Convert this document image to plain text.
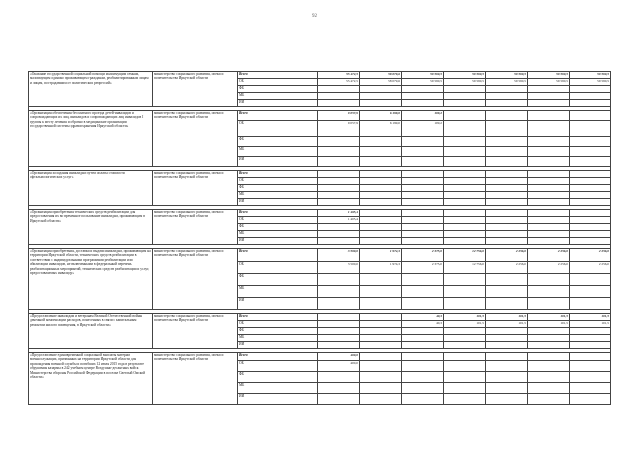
92
«Оказание государственной социальной помощи малоимущим семьям, малоимущим одиноко проживающим гражданам, реабилитированным лицам и лицам, пострадавшим от политических репрессий»	министерство социального развития, опеки и попечительства Иркутской области	Всего	55 472,5	58 079,6	59 590,5	59 590,5	59 590,5	59 590,5	59 590,5
		ОБ	55 472,5	58 079,6	59 590,5	59 590,5	59 590,5	59 590,5	59 590,5
		ФБ							
		МБ							
		ИИ							

«Организация обеспечения бесплатного проезда детей-инвалидов и сопровождающих их лиц, инвалидов и сопровождающих лиц инвалидов I группы к месту лечения и обратно в медицинские организации государственной системы здравоохранения Иркутской области»	министерство социального развития, опеки и попечительства Иркутской области	Всего	9 057,9	6 199,0	109,2				
		ОБ	9 057,9	6 199,0	109,2				
		ФБ							
		МБ							
		ИИ							

«Организация холодания инвалидам путем оплаты стоимости офтальмологических услуг»	министерство социального развития, опеки и попечительства Иркутской области	Всего							
		ОБ							
		ФБ							
		МБ							
		ИИ							

«Организация приобретения технических средств реабилитации для предоставления их во временное пользование инвалидам, проживающим в Иркутской области»	министерство социального развития, опеки и попечительства Иркутской области	Всего	1 405,4						
		ОБ	1 405,4						
		ФБ							
		МБ							
		ИИ							

«Организация приобретения, доставки и выдачи инвалидам, проживающим на территории Иркутской области, технических средств реабилитации в соответствии с индивидуальными программами реабилитации или абилитации инвалидов, не включенными в федеральный перечень реабилитационных мероприятий, технических средств реабилитации и услуг, предоставляемых инвалиду»	министерство социального развития, опеки и попечительства Иркутской области	Всего	3 500,0	1 974,3	2 375,0	12 756,0	2 256,0	2 256,0	2 256,0
		ОБ	3 500,0	1 974,3	2 375,0	12 756,0	2 256,0	2 256,0	2 256,0
		ФБ							
		МБ							
		ИИ							

«Предоставление инвалидам и ветеранам Великой Отечественной войны денежной компенсации расходов, понесенных в связи с капитальным ремонтом жилого помещения, в Иркутской области»	министерство социального развития, опеки и попечительства Иркутской области	Всего			40,3	101,5	101,5	101,5	101,5
		ОБ			40,3	101,5	101,5	101,5	101,5
		ФБ							
		МБ							
		ИИ							

«Предоставление единовременной социальной выплаты матерям военнослужащих, призванных на территории Иркутской области для прохождения военной службы и погибших 12 июля 2015 года в результате обрушения казармы в 242 учебном центре Воздушно-десантных войск Министерства обороны Российской Федерации в поселке Светлый Омской области»	министерство социального развития, опеки и попечительства Иркутской области	Всего	400,0						
		ОБ	400,0						
		ФБ							
		МБ							
		ИИ							
